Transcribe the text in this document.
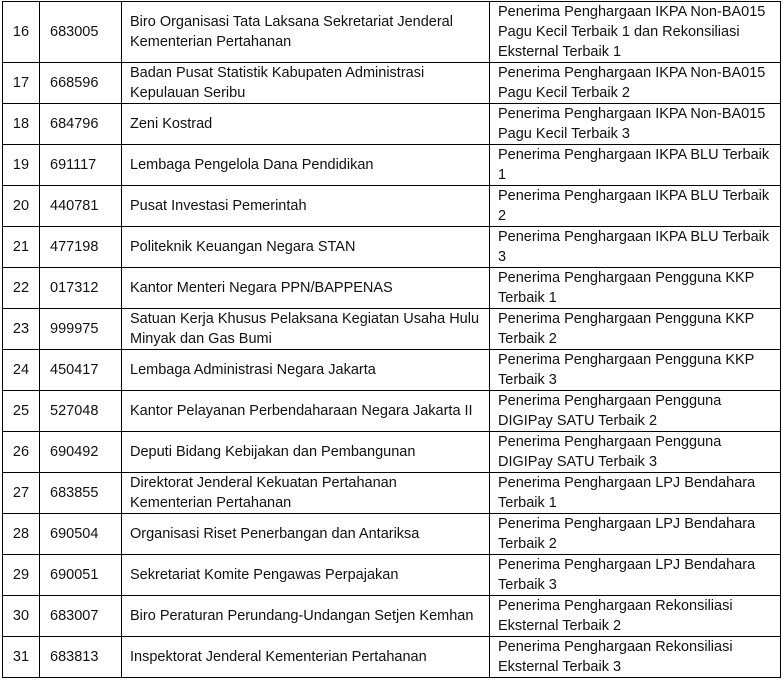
16	683005	Biro Organisasi Tata Laksana Sekretariat Jenderal Kementerian Pertahanan	Penerima Penghargaan IKPA Non-BA015 Pagu Kecil Terbaik 1 dan Rekonsiliasi Eksternal Terbaik 1
17	668596	Badan Pusat Statistik Kabupaten Administrasi Kepulauan Seribu	Penerima Penghargaan IKPA Non-BA015 Pagu Kecil Terbaik 2
18	684796	Zeni Kostrad	Penerima Penghargaan IKPA Non-BA015 Pagu Kecil Terbaik 3
19	691117	Lembaga Pengelola Dana Pendidikan	Penerima Penghargaan IKPA BLU Terbaik 1
20	440781	Pusat Investasi Pemerintah	Penerima Penghargaan IKPA BLU Terbaik 2
21	477198	Politeknik Keuangan Negara STAN	Penerima Penghargaan IKPA BLU Terbaik 3
22	017312	Kantor Menteri Negara PPN/BAPPENAS	Penerima Penghargaan Pengguna KKP Terbaik 1
23	999975	Satuan Kerja Khusus Pelaksana Kegiatan Usaha Hulu Minyak dan Gas Bumi	Penerima Penghargaan Pengguna KKP Terbaik 2
24	450417	Lembaga Administrasi Negara Jakarta	Penerima Penghargaan Pengguna KKP Terbaik 3
25	527048	Kantor Pelayanan Perbendaharaan Negara Jakarta II	Penerima Penghargaan Pengguna DIGIPay SATU Terbaik 2
26	690492	Deputi Bidang Kebijakan dan Pembangunan	Penerima Penghargaan Pengguna DIGIPay SATU Terbaik 3
27	683855	Direktorat Jenderal Kekuatan Pertahanan Kementerian Pertahanan	Penerima Penghargaan LPJ Bendahara Terbaik 1
28	690504	Organisasi Riset Penerbangan dan Antariksa	Penerima Penghargaan LPJ Bendahara Terbaik 2
29	690051	Sekretariat Komite Pengawas Perpajakan	Penerima Penghargaan LPJ Bendahara Terbaik 3
30	683007	Biro Peraturan Perundang-Undangan Setjen Kemhan	Penerima Penghargaan Rekonsiliasi Eksternal Terbaik 2
31	683813	Inspektorat Jenderal Kementerian Pertahanan	Penerima Penghargaan Rekonsiliasi Eksternal Terbaik 3
